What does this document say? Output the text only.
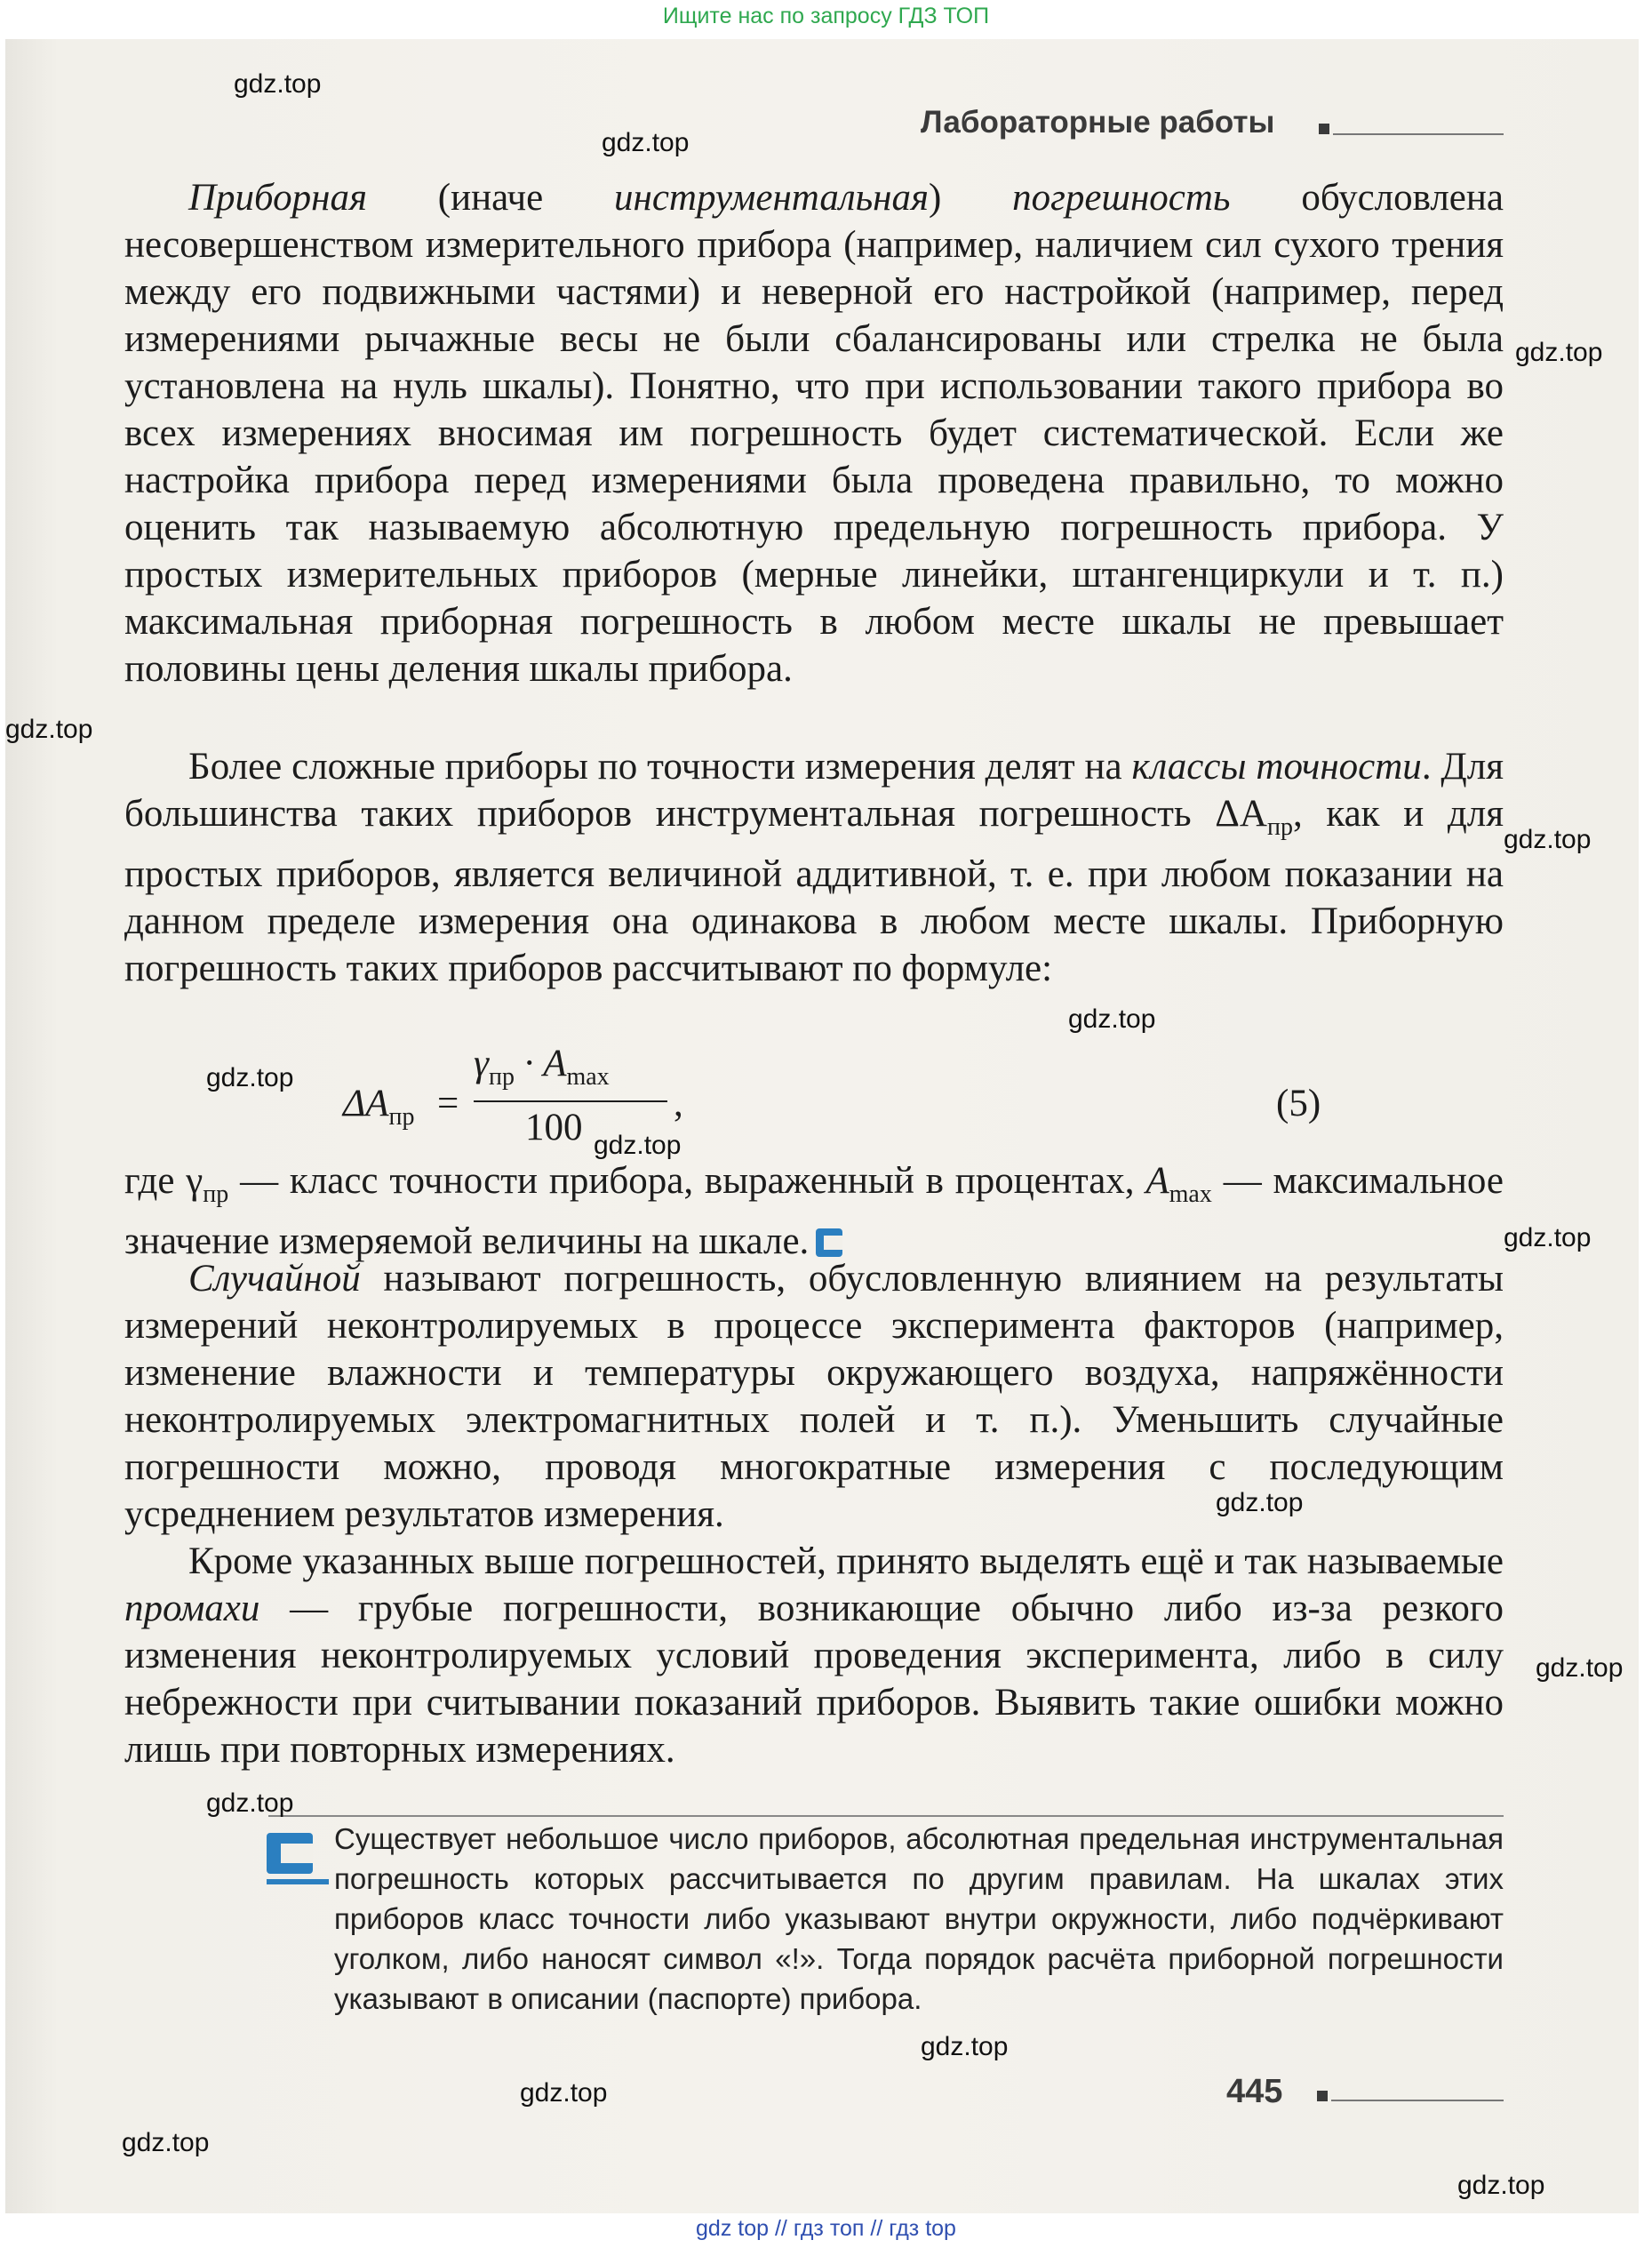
Ищите нас по запросу ГДЗ ТОП
Лабораторные работы

Приборная (иначе инструментальная) погрешность обусловлена несовершенством измерительного прибора (например, наличием сил сухого трения между его подвижными частями) и неверной его настройкой (например, перед измерениями рычажные весы не были сбалансированы или стрелка не была установлена на нуль шкалы). Понятно, что при использовании такого прибора во всех измерениях вносимая им погрешность будет систематической. Если же настройка прибора перед измерениями была проведена правильно, то можно оценить так называемую абсолютную предельную погрешность прибора. У простых измерительных приборов (мерные линейки, штангенциркули и т. п.) максимальная приборная погрешность в любом месте шкалы не превышает половины цены деления шкалы прибора.

Более сложные приборы по точности измерения делят на классы точности. Для большинства таких приборов инструментальная погрешность $\Delta A_{пр}$, как и для простых приборов, является величиной аддитивной, т. е. при любом показании на данном пределе измерения она одинакова в любом месте шкалы. Приборную погрешность таких приборов рассчитывают по формуле:

$\Delta A_{пр}$ =
$\gamma_{пр} \cdot A_{max}$
100
,	(5)

где $\gamma_{пр}$ — класс точности прибора, выраженный в процентах, $A_{max}$ — максимальное значение измеряемой величины на шкале.

Случайной называют погрешность, обусловленную влиянием на результаты измерений неконтролируемых в процессе эксперимента факторов (например, изменение влажности и температуры окружающего воздуха, напряжённости неконтролируемых электромагнитных полей и т. п.). Уменьшить случайные погрешности можно, проводя многократные измерения с последующим усреднением результатов измерения.

Кроме указанных выше погрешностей, принято выделять ещё и так называемые промахи — грубые погрешности, возникающие обычно либо из-за резкого изменения неконтролируемых условий проведения эксперимента, либо в силу небрежности при считывании показаний приборов. Выявить такие ошибки можно лишь при повторных измерениях.

Существует небольшое число приборов, абсолютная предельная инструментальная погрешность которых рассчитывается по другим правилам. На шкалах этих приборов класс точности либо указывают внутри окружности, либо подчёркивают уголком, либо наносят символ «!». Тогда порядок расчёта приборной погрешности указывают в описании (паспорте) прибора.
445
gdz.top
gdz.top
gdz.top
gdz.top
gdz.top
gdz.top
gdz.top
gdz.top
gdz.top
gdz.top
gdz.top
gdz.top
gdz.top
gdz.top
gdz.top
gdz.top
gdz top // гдз топ // гдз top
